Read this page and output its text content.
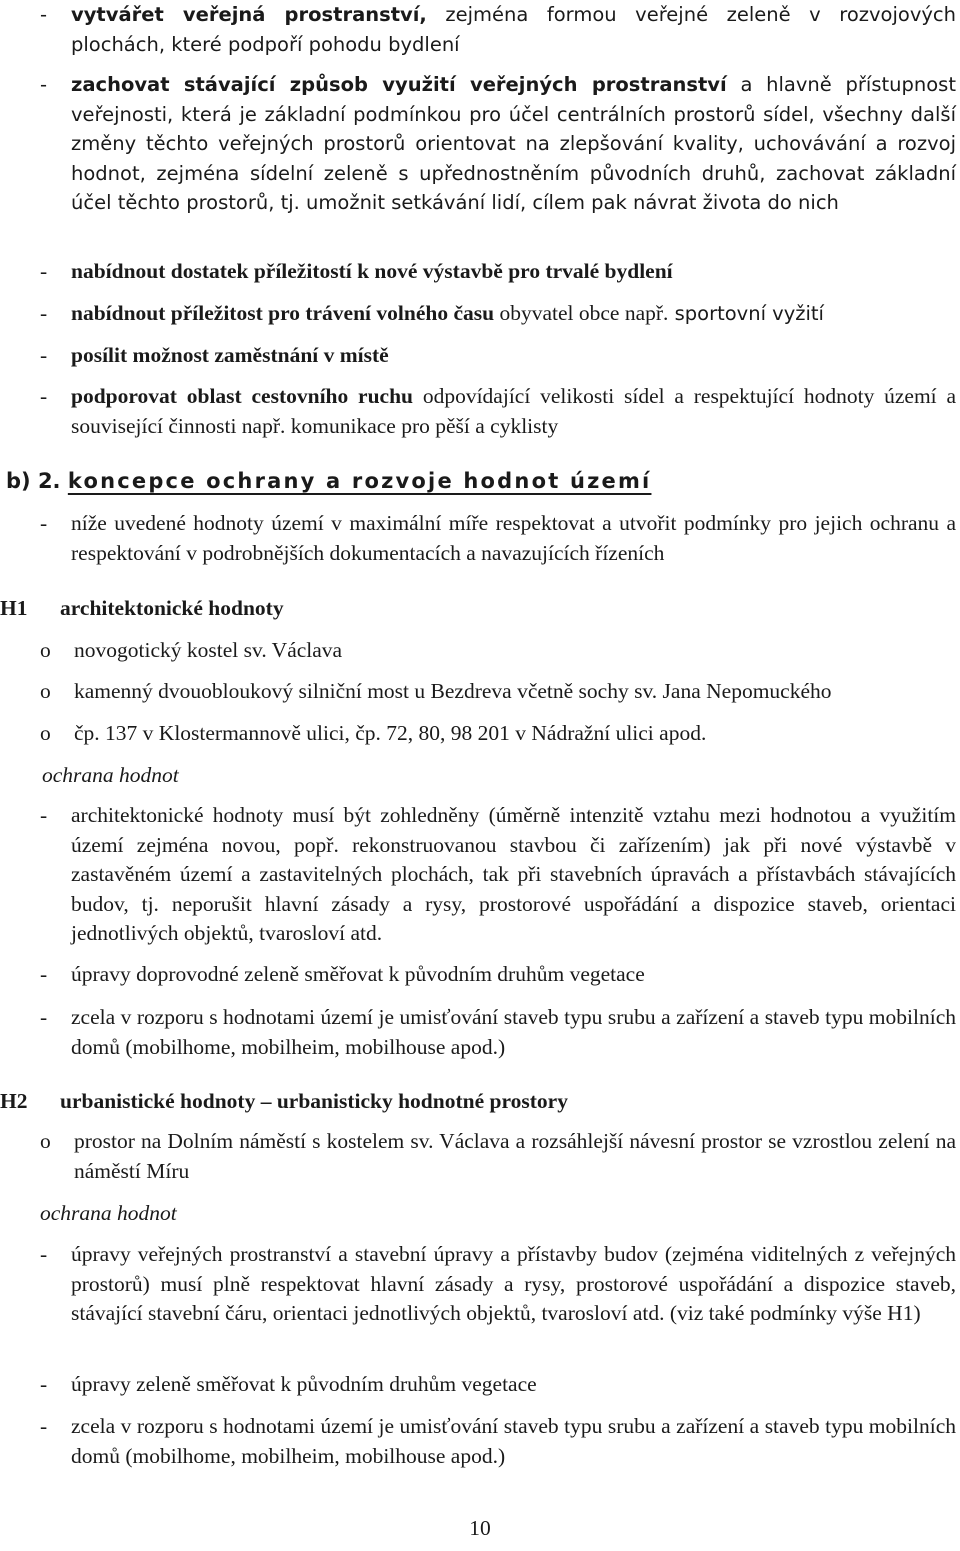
- vytvářet veřejná prostranství, zejména formou veřejné zeleně v rozvojových plochách, které podpoří pohodu bydlení
- zachovat stávající způsob využití veřejných prostranství a hlavně přístupnost veřejnosti, která je základní podmínkou pro účel centrálních prostorů sídel, všechny další změny těchto veřejných prostorů orientovat na zlepšování kvality, uchovávání a rozvoj hodnot, zejména sídelní zeleně s upřednostněním původních druhů, zachovat základní účel těchto prostorů, tj. umožnit setkávání lidí, cílem pak návrat života do nich
- nabídnout dostatek příležitostí k nové výstavbě pro trvalé bydlení
- nabídnout příležitost pro trávení volného času obyvatel obce např. sportovní vyžití
- posílit možnost zaměstnání v místě
- podporovat oblast cestovního ruchu odpovídající velikosti sídel a respektující hodnoty území a související činnosti např. komunikace pro pěší a cyklisty
b) 2. koncepce ochrany a rozvoje hodnot území
- níže uvedené hodnoty území v maximální míře respektovat a utvořit podmínky pro jejich ochranu a respektování v podrobnějších dokumentacích a navazujících řízeních
H1 architektonické hodnoty
o novogotický kostel sv. Václava
o kamenný dvouobloukový silniční most u Bezdreva včetně sochy sv. Jana Nepomuckého
o čp. 137 v Klostermannově ulici, čp. 72, 80, 98 201 v Nádražní ulici apod.
ochrana hodnot
- architektonické hodnoty musí být zohledněny (úměrně intenzitě vztahu mezi hodnotou a využitím území zejména novou, popř. rekonstruovanou stavbou či zařízením) jak při nové výstavbě v zastavěném území a zastavitelných plochách, tak při stavebních úpravách a přístavbách stávajících budov, tj. neporušit hlavní zásady a rysy, prostorové uspořádání a dispozice staveb, orientaci jednotlivých objektů, tvarosloví atd.
- úpravy doprovodné zeleně směřovat k původním druhům vegetace
- zcela v rozporu s hodnotami území je umisťování staveb typu srubu a zařízení a staveb typu mobilních domů (mobilhome, mobilheim, mobilhouse apod.)
H2 urbanistické hodnoty – urbanisticky hodnotné prostory
o prostor na Dolním náměstí s kostelem sv. Václava a rozsáhlejší návesní prostor se vzrostlou zelení na náměstí Míru
ochrana hodnot
- úpravy veřejných prostranství a stavební úpravy a přístavby budov (zejména viditelných z veřejných prostorů) musí plně respektovat hlavní zásady a rysy, prostorové uspořádání a dispozice staveb, stávající stavební čáru, orientaci jednotlivých objektů, tvarosloví atd. (viz také podmínky výše H1)
- úpravy zeleně směřovat k původním druhům vegetace
- zcela v rozporu s hodnotami území je umisťování staveb typu srubu a zařízení a staveb typu mobilních domů (mobilhome, mobilheim, mobilhouse apod.)
10
